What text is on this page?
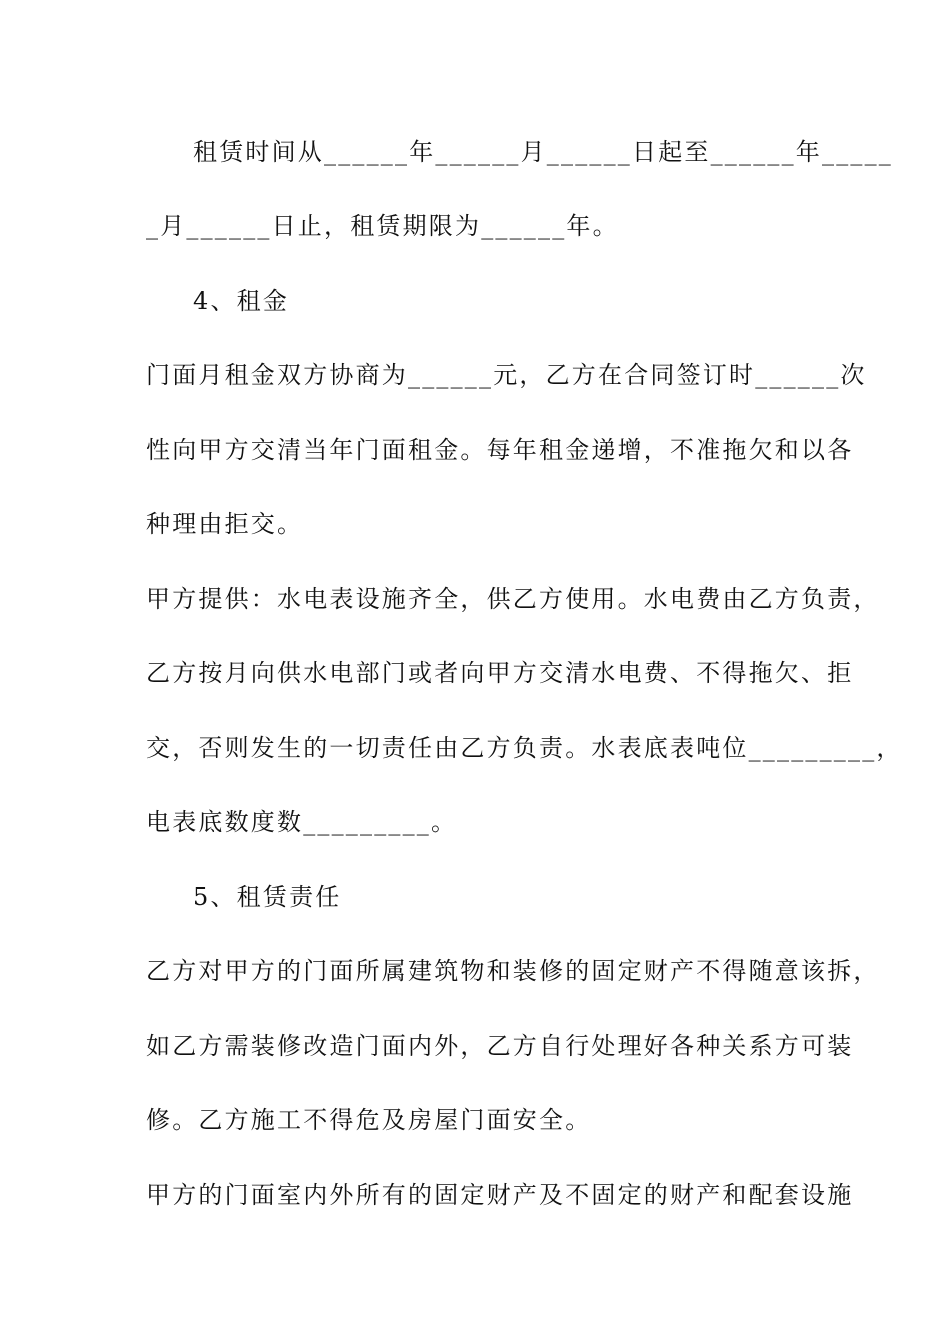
租赁时间从______年______月______日起至______年_____
_月______日止，租赁期限为______年。
4、租金
门面月租金双方协商为______元，乙方在合同签订时______次
性向甲方交清当年门面租金。每年租金递增，不准拖欠和以各
种理由拒交。
甲方提供：水电表设施齐全，供乙方使用。水电费由乙方负责，
乙方按月向供水电部门或者向甲方交清水电费、不得拖欠、拒
交，否则发生的一切责任由乙方负责。水表底表吨位_________，
电表底数度数_________。
5、租赁责任
乙方对甲方的门面所属建筑物和装修的固定财产不得随意该拆，
如乙方需装修改造门面内外，乙方自行处理好各种关系方可装
修。乙方施工不得危及房屋门面安全。
甲方的门面室内外所有的固定财产及不固定的财产和配套设施
